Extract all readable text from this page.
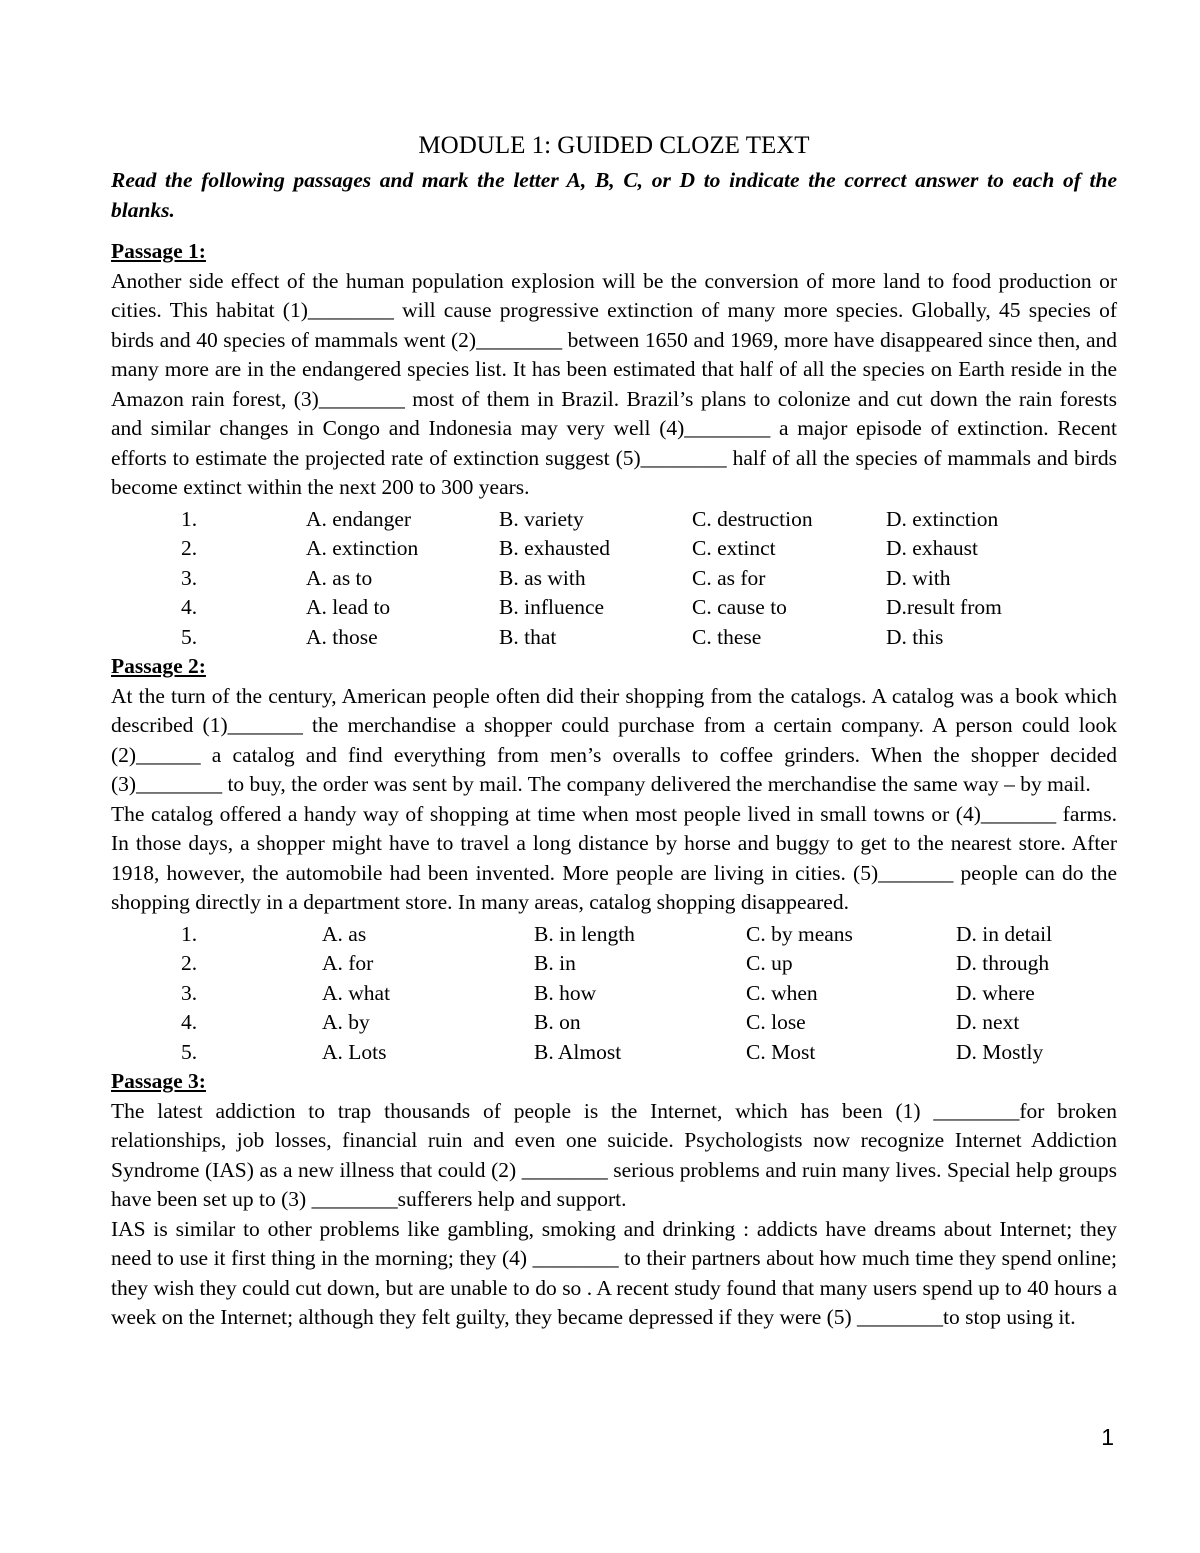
MODULE 1: GUIDED CLOZE TEXT

Read the following passages and mark the letter A, B, C, or D to indicate the correct answer to each of the blanks.

Passage 1:

Another side effect of the human population explosion will be the conversion of more land to food production or cities. This habitat (1)________ will cause progressive extinction of many more species. Globally, 45 species of birds and 40 species of mammals went (2)________ between 1650 and 1969, more have disappeared since then, and many more are in the endangered species list. It has been estimated that half of all the species on Earth reside in the Amazon rain forest, (3)________ most of them in Brazil. Brazil’s plans to colonize and cut down the rain forests and similar changes in Congo and Indonesia may very well (4)________ a major episode of extinction. Recent efforts to estimate the projected rate of extinction suggest (5)________ half of all the species of mammals and birds become extinct within the next 200 to 300 years.

1.	A. endanger	B. variety	C. destruction	D. extinction
2.	A. extinction	B. exhausted	C. extinct	D. exhaust
3.	A. as to	B. as with	C. as for	D. with
4.	A. lead to	B. influence	C. cause to	D.result from
5.	A. those	B. that	C. these	D. this

Passage 2:

At the turn of the century, American people often did their shopping from the catalogs. A catalog was a book which described (1)_______ the merchandise a shopper could purchase from a certain company. A person could look (2)______ a catalog and find everything from men’s overalls to coffee grinders. When the shopper decided (3)________ to buy, the order was sent by mail. The company delivered the merchandise the same way – by mail.

The catalog offered a handy way of shopping at time when most people lived in small towns or (4)_______ farms. In those days, a shopper might have to travel a long distance by horse and buggy to get to the nearest store. After 1918, however, the automobile had been invented. More people are living in cities. (5)_______ people can do the shopping directly in a department store. In many areas, catalog shopping disappeared.

1.	A. as	B. in length	C. by means	D. in detail
2.	A. for	B. in	C. up	D. through
3.	A. what	B. how	C. when	D. where
4.	A. by	B. on	C. lose	D. next
5.	A. Lots	B. Almost	C. Most	D. Mostly

Passage 3:

The latest addiction to trap thousands of people is the Internet, which has been (1) ________for broken relationships, job losses, financial ruin and even one suicide. Psychologists now recognize Internet Addiction Syndrome (IAS) as a new illness that could (2) ________ serious problems and ruin many lives. Special help groups have been set up to (3) ________sufferers help and support.

IAS is similar to other problems like gambling, smoking and drinking : addicts have dreams about Internet; they need to use it first thing in the morning; they (4) ________ to their partners about how much time they spend online; they wish they could cut down, but are unable to do so . A recent study found that many users spend up to 40 hours a week on the Internet; although they felt guilty, they became depressed if they were (5) ________to stop using it.

1
